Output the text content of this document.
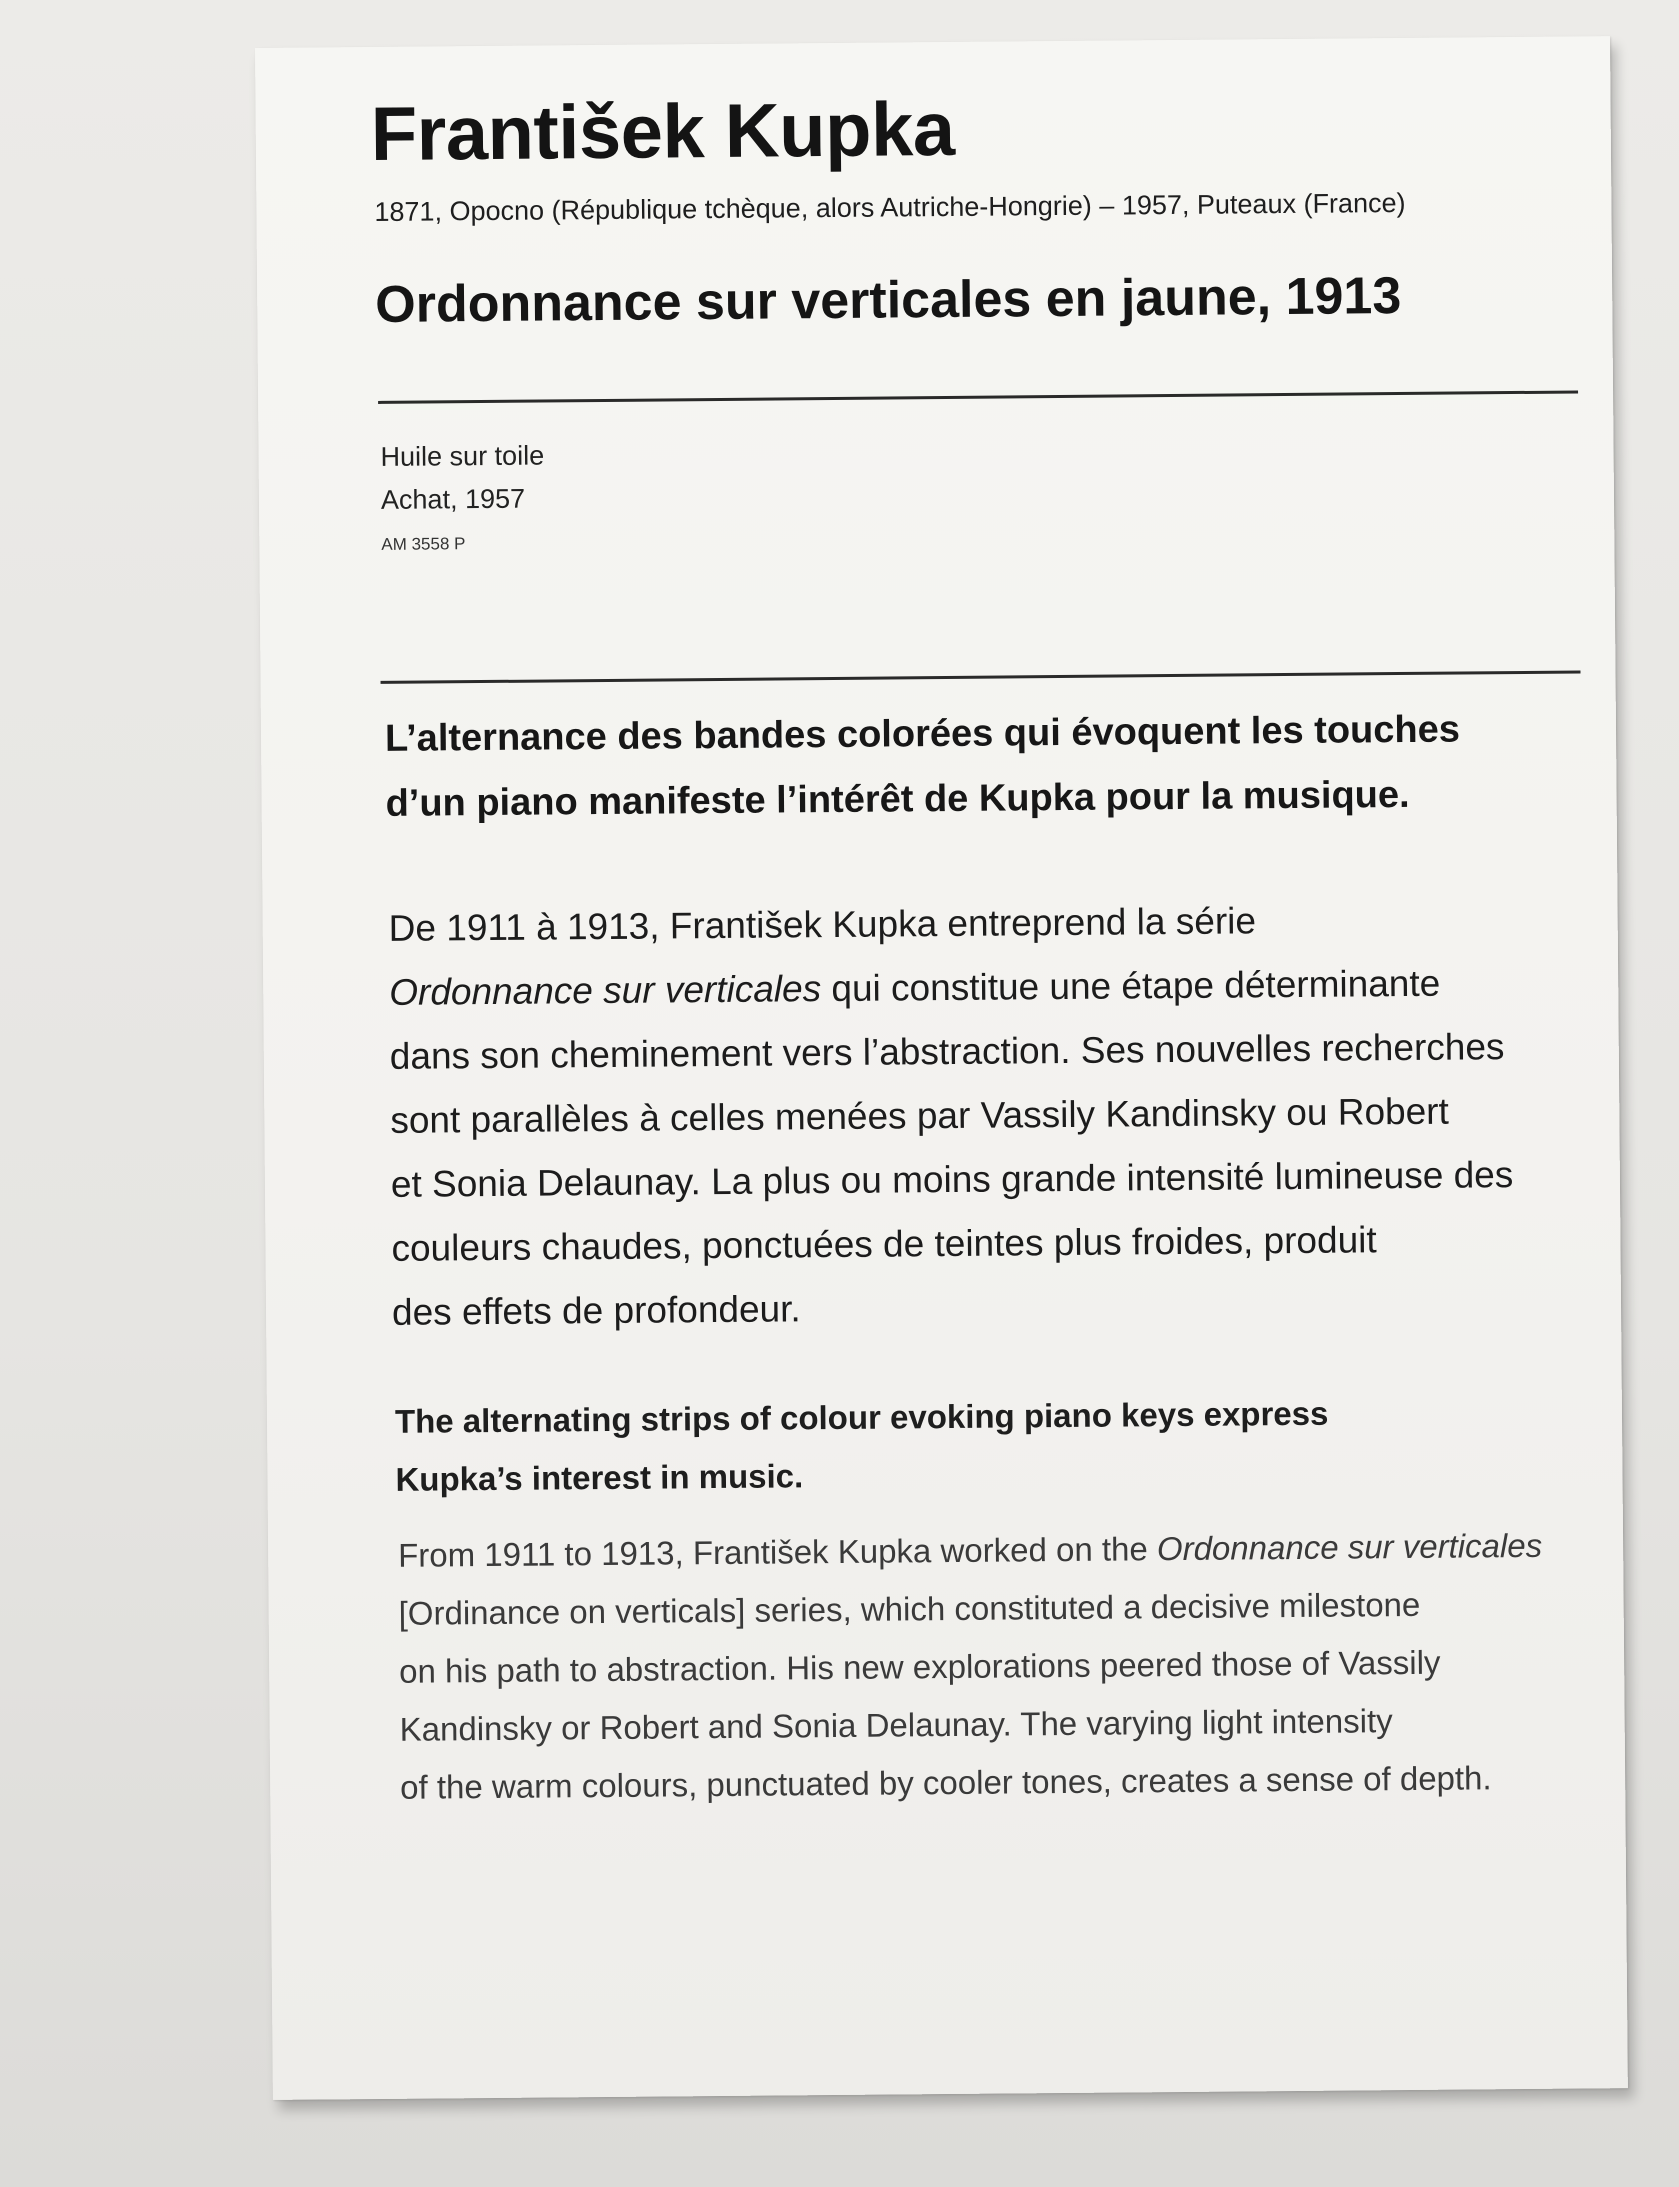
František Kupka
1871, Opocno (République tchèque, alors Autriche-Hongrie) – 1957, Puteaux (France)
Ordonnance sur verticales en jaune, 1913
Huile sur toile
Achat, 1957
AM 3558 P
L’alternance des bandes colorées qui évoquent les touches
d’un piano manifeste l’intérêt de Kupka pour la musique.
De 1911 à 1913, František Kupka entreprend la série
Ordonnance sur verticales qui constitue une étape déterminante
dans son cheminement vers l’abstraction. Ses nouvelles recherches
sont parallèles à celles menées par Vassily Kandinsky ou Robert
et Sonia Delaunay. La plus ou moins grande intensité lumineuse des
couleurs chaudes, ponctuées de teintes plus froides, produit
des effets de profondeur.
The alternating strips of colour evoking piano keys express
Kupka’s interest in music.
From 1911 to 1913, František Kupka worked on the Ordonnance sur verticales
[Ordinance on verticals] series, which constituted a decisive milestone
on his path to abstraction. His new explorations peered those of Vassily
Kandinsky or Robert and Sonia Delaunay. The varying light intensity
of the warm colours, punctuated by cooler tones, creates a sense of depth.
